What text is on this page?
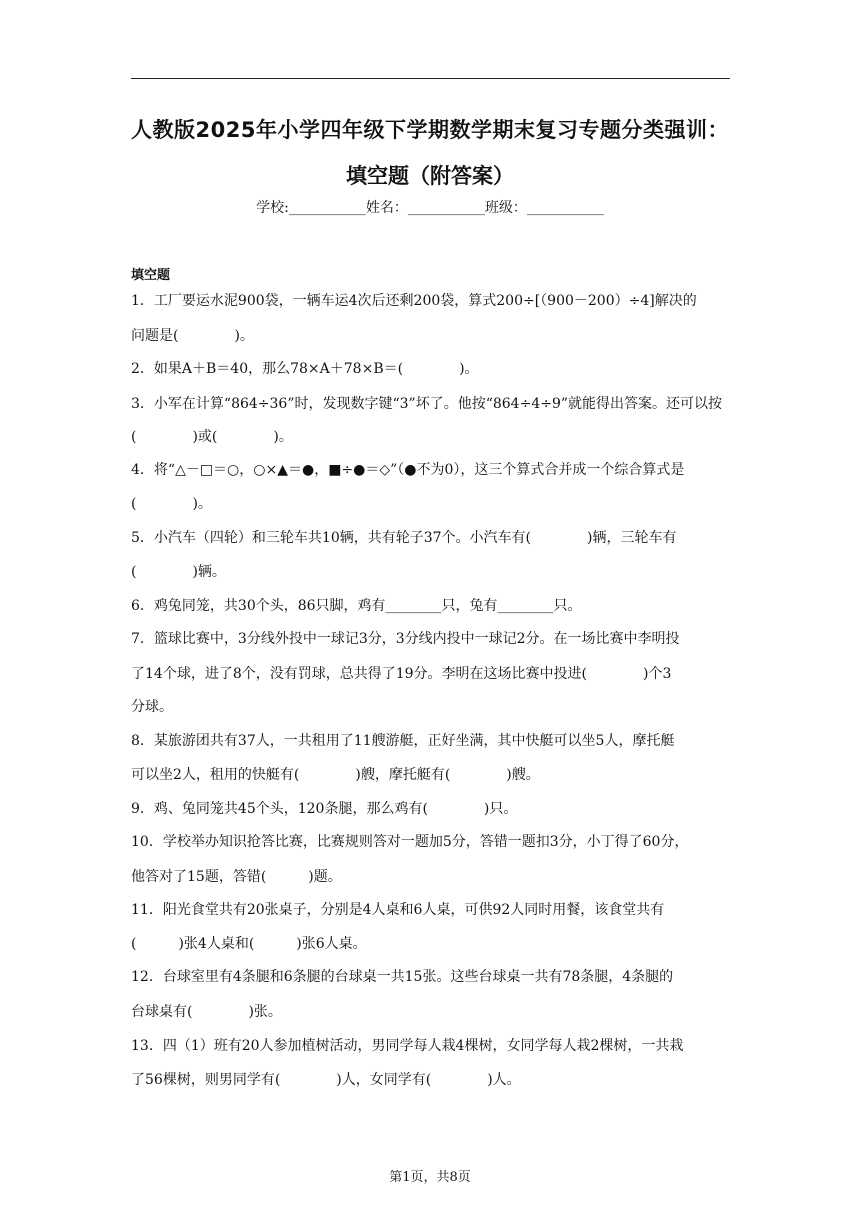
人教版2025年小学四年级下学期数学期末复习专题分类强训：
填空题（附答案）
学校:___________姓名：___________班级：___________
填空题
1．工厂要运水泥900袋，一辆车运4次后还剩200袋，算式200÷[（900－200）÷4]解决的
问题是(　　　　)。
2．如果A＋B＝40，那么78×A＋78×B＝(　　　　)。
3．小军在计算“864÷36”时，发现数字键“3”坏了。他按“864÷4÷9”就能得出答案。还可以按
(　　　　)或(　　　　)。
4．将“△－□＝○，○×▲＝●，■÷●＝◇”（●不为0），这三个算式合并成一个综合算式是
(　　　　)。
5．小汽车（四轮）和三轮车共10辆，共有轮子37个。小汽车有(　　　　)辆，三轮车有
(　　　　)辆。
6．鸡兔同笼，共30个头，86只脚，鸡有________只，兔有________只。
7．篮球比赛中，3分线外投中一球记3分，3分线内投中一球记2分。在一场比赛中李明投
了14个球，进了8个，没有罚球，总共得了19分。李明在这场比赛中投进(　　　　)个3
分球。
8．某旅游团共有37人，一共租用了11艘游艇，正好坐满，其中快艇可以坐5人，摩托艇
可以坐2人，租用的快艇有(　　　　)艘，摩托艇有(　　　　)艘。
9．鸡、兔同笼共45个头，120条腿，那么鸡有(　　　　)只。
10．学校举办知识抢答比赛，比赛规则答对一题加5分，答错一题扣3分，小丁得了60分，
他答对了15题，答错(　　　)题。
11．阳光食堂共有20张桌子，分别是4人桌和6人桌，可供92人同时用餐，该食堂共有
(　　　)张4人桌和(　　　)张6人桌。
12．台球室里有4条腿和6条腿的台球桌一共15张。这些台球桌一共有78条腿，4条腿的
台球桌有(　　　　)张。
13．四（1）班有20人参加植树活动，男同学每人栽4棵树，女同学每人栽2棵树，一共栽
了56棵树，则男同学有(　　　　)人，女同学有(　　　　)人。
第1页，共8页
